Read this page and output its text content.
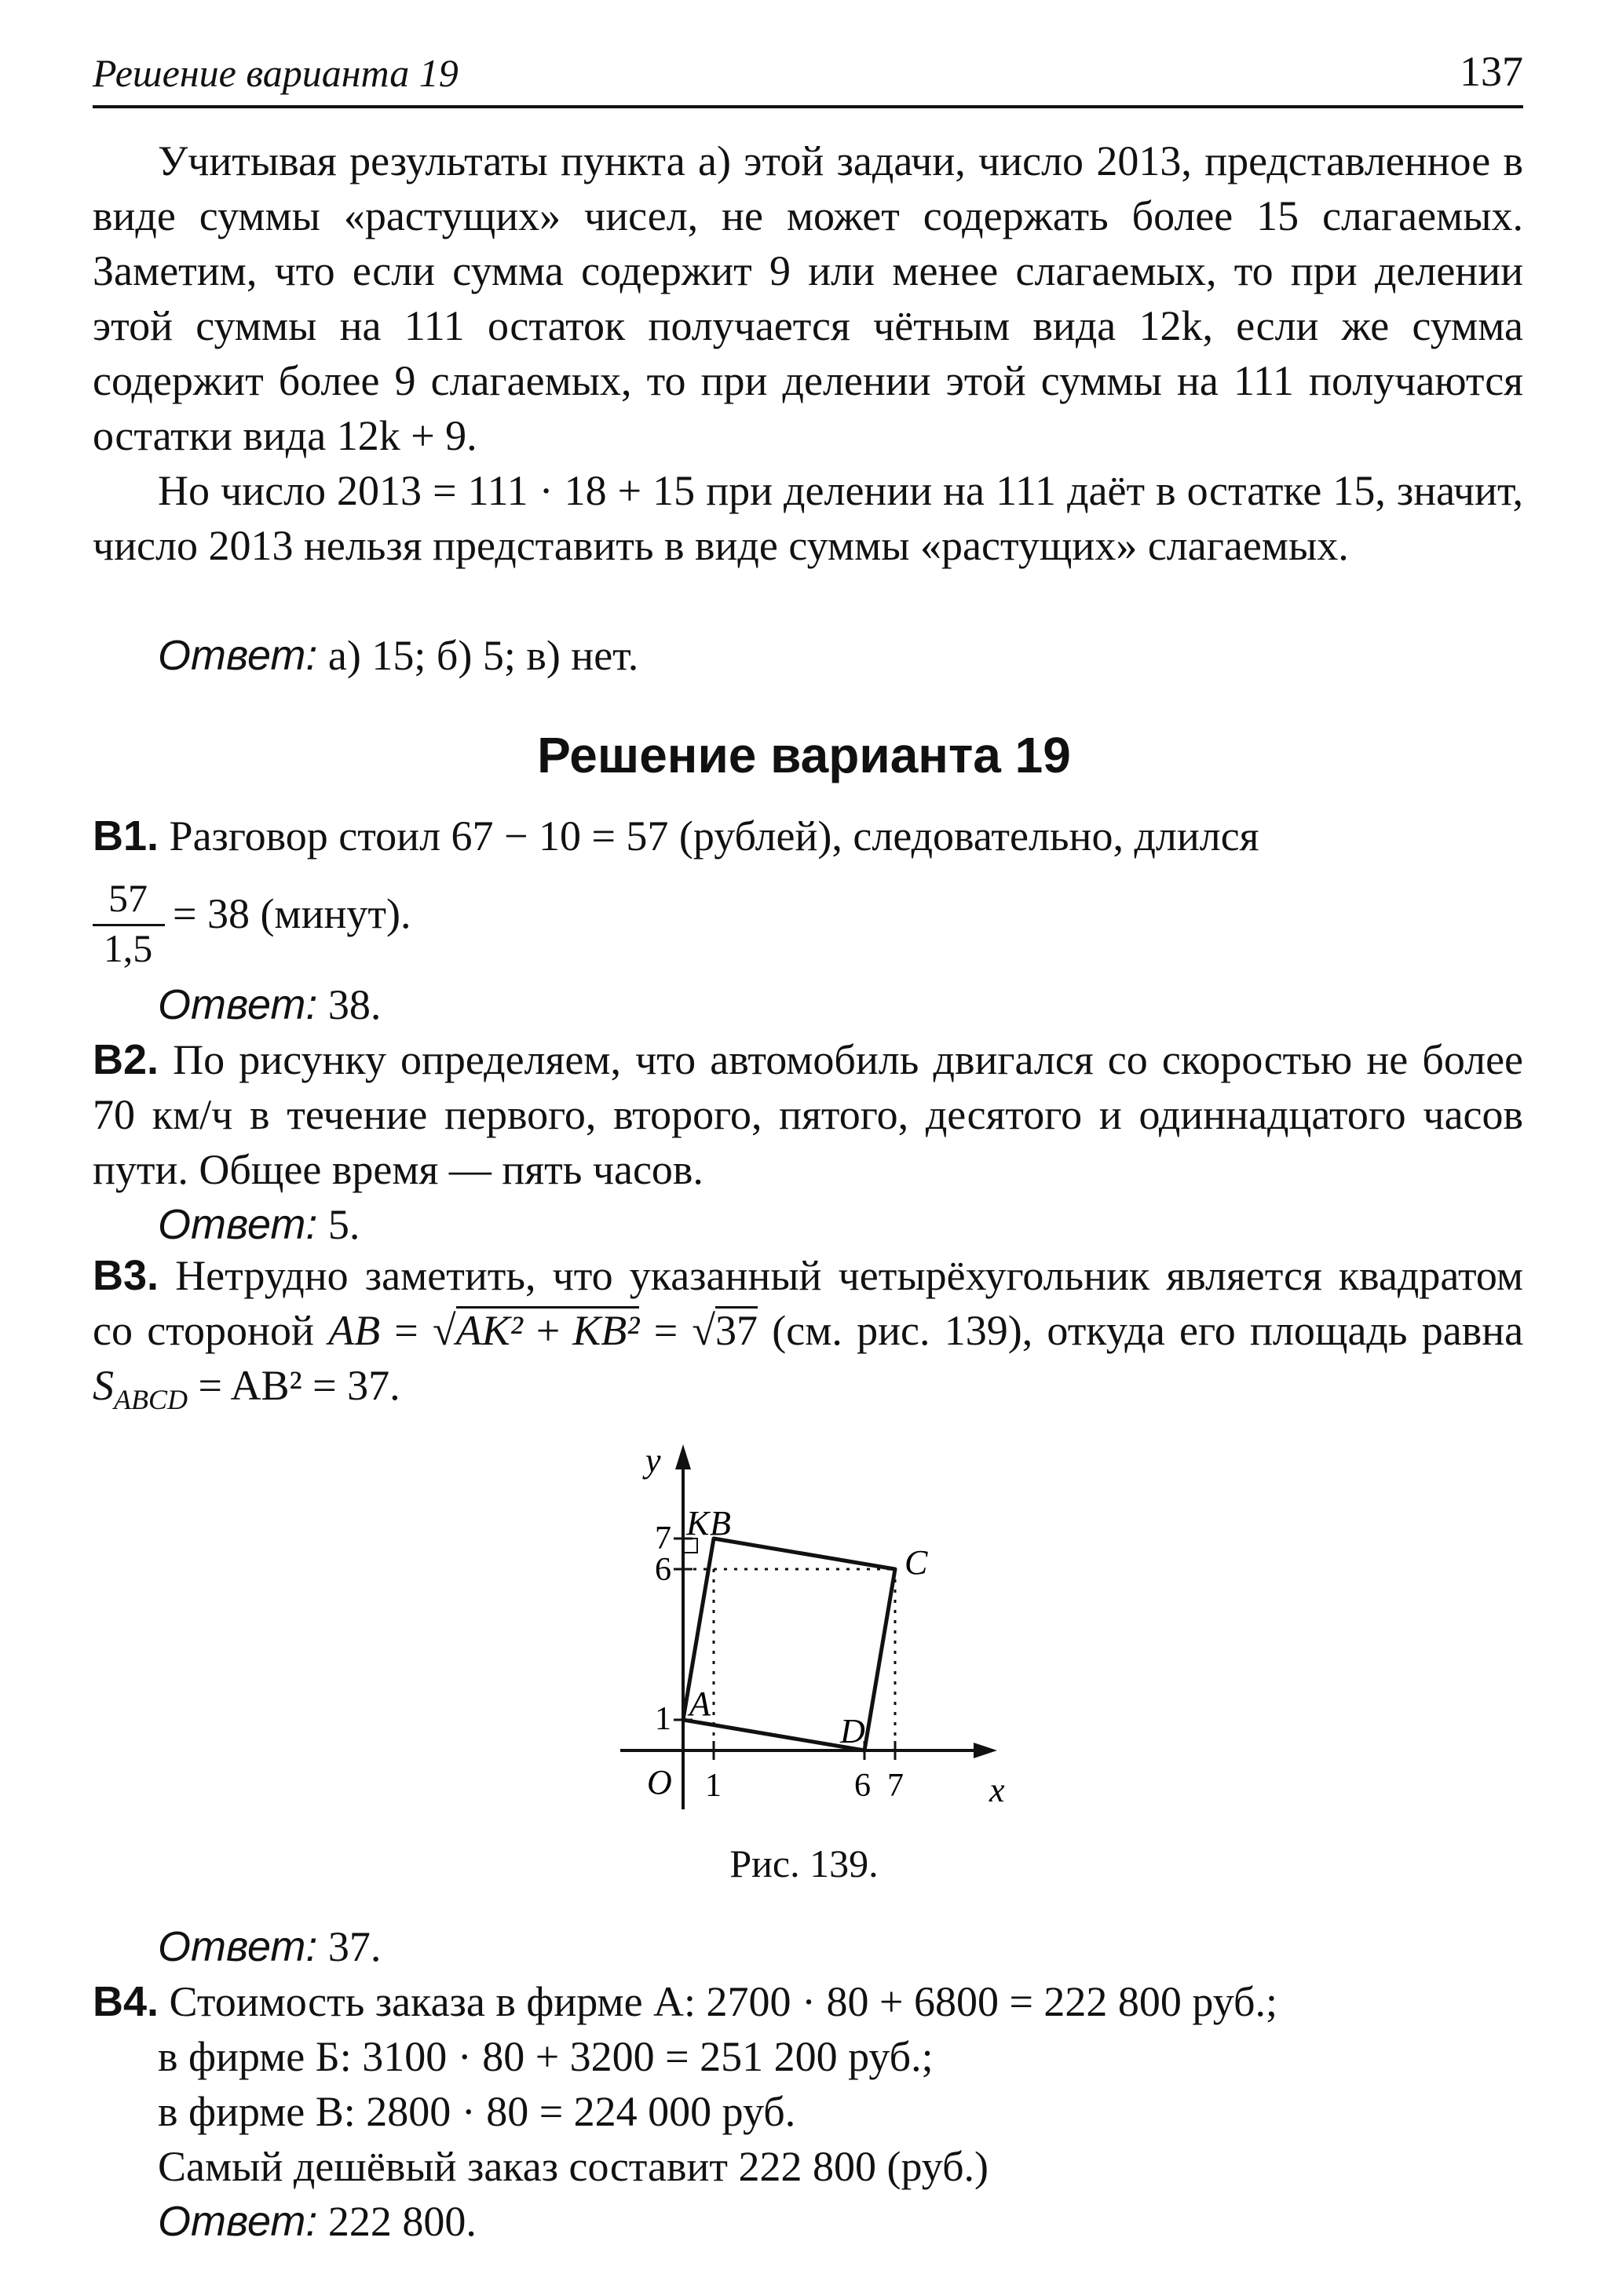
Решение варианта 19	137
Учитывая результаты пункта а) этой задачи, число 2013, представленное в виде суммы «растущих» чисел, не может содержать более 15 слагаемых. Заметим, что если сумма содержит 9 или менее слагаемых, то при делении этой суммы на 111 остаток получается чётным вида 12k, если же сумма содержит более 9 слагаемых, то при делении этой суммы на 111 получаются остатки вида 12k + 9.
Но число 2013 = 111 · 18 + 15 при делении на 111 даёт в остатке 15, значит, число 2013 нельзя представить в виде суммы «растущих» слагаемых.
Ответ: а) 15; б) 5; в) нет.
Решение варианта 19
B1. Разговор стоил 67 − 10 = 57 (рублей), следовательно, длился
57
1,5
= 38 (минут).
Ответ: 38.
B2. По рисунку определяем, что автомобиль двигался со скоростью не более 70 км/ч в течение первого, второго, пятого, десятого и одиннадцатого часов пути. Общее время — пять часов.
Ответ: 5.
B3. Нетрудно заметить, что указанный четырёхугольник является квадратом со стороной AB = √AK² + KB² = √37 (см. рис. 139), откуда его площадь равна $S_{ABCD} = AB^2 = 37$.
y
x
O
K B
C
A
D
7
6
1
1	6 7
Рис. 139.
Ответ: 37.
B4. Стоимость заказа в фирме А: 2700 · 80 + 6800 = 222 800 руб.;
в фирме Б: 3100 · 80 + 3200 = 251 200 руб.;
в фирме В: 2800 · 80 = 224 000 руб.
Самый дешёвый заказ составит 222 800 (руб.)
Ответ: 222 800.
